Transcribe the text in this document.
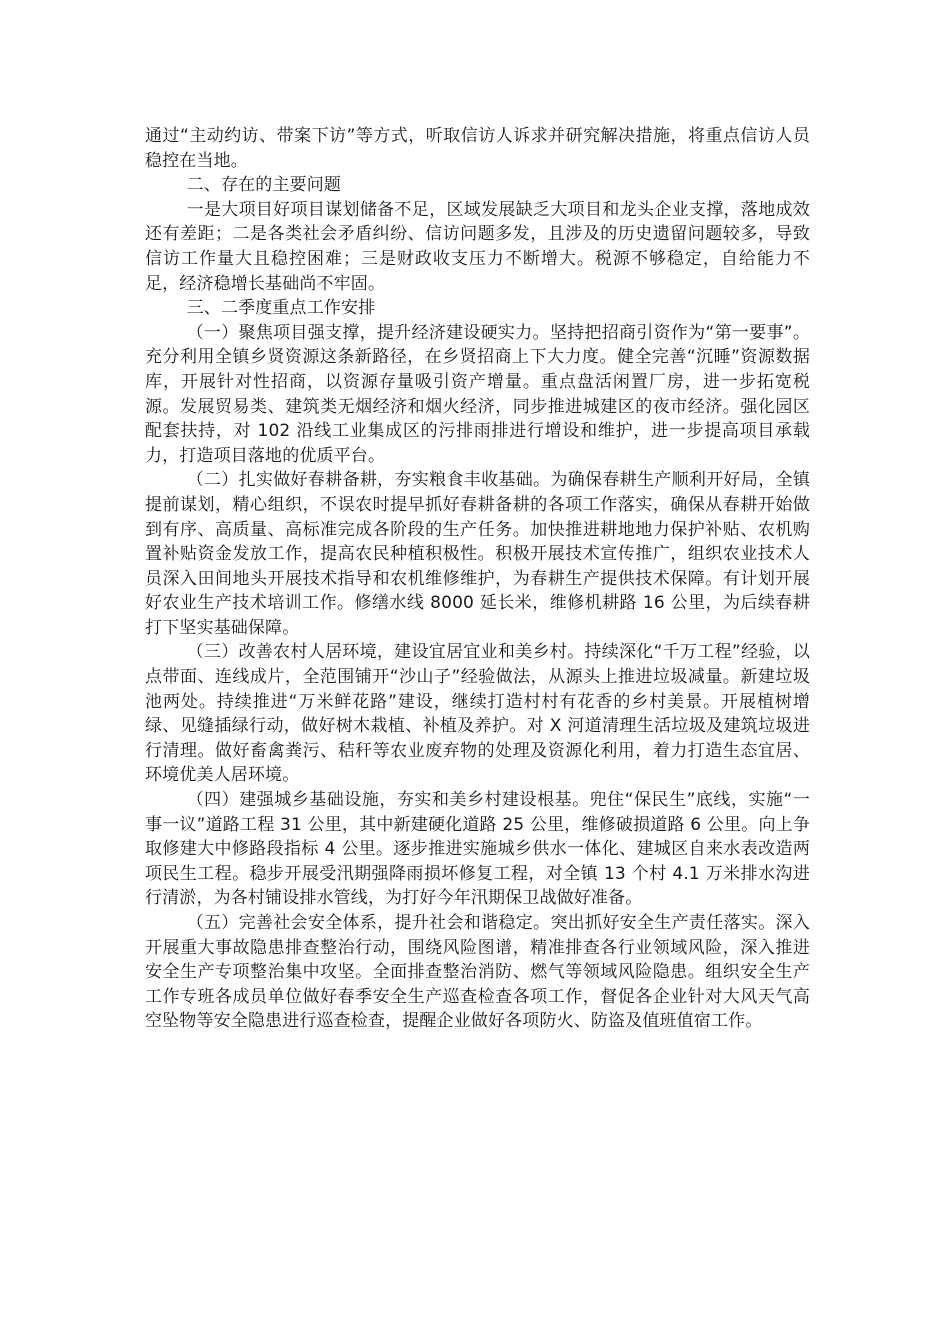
通过“主动约访、带案下访”等方式，听取信访人诉求并研究解决措施，将重点信访人员稳控在当地。

二、存在的主要问题

一是大项目好项目谋划储备不足，区域发展缺乏大项目和龙头企业支撑，落地成效还有差距；二是各类社会矛盾纠纷、信访问题多发，且涉及的历史遗留问题较多，导致信访工作量大且稳控困难；三是财政收支压力不断增大。税源不够稳定，自给能力不足，经济稳增长基础尚不牢固。

三、二季度重点工作安排

（一）聚焦项目强支撑，提升经济建设硬实力。坚持把招商引资作为“第一要事”。充分利用全镇乡贤资源这条新路径，在乡贤招商上下大力度。健全完善“沉睡”资源数据库，开展针对性招商，以资源存量吸引资产增量。重点盘活闲置厂房，进一步拓宽税源。发展贸易类、建筑类无烟经济和烟火经济，同步推进城建区的夜市经济。强化园区配套扶持，对 102 沿线工业集成区的污排雨排进行增设和维护，进一步提高项目承载力，打造项目落地的优质平台。

（二）扎实做好春耕备耕，夯实粮食丰收基础。为确保春耕生产顺利开好局，全镇提前谋划，精心组织，不误农时提早抓好春耕备耕的各项工作落实，确保从春耕开始做到有序、高质量、高标准完成各阶段的生产任务。加快推进耕地地力保护补贴、农机购置补贴资金发放工作，提高农民种植积极性。积极开展技术宣传推广，组织农业技术人员深入田间地头开展技术指导和农机维修维护，为春耕生产提供技术保障。有计划开展好农业生产技术培训工作。修缮水线 8000 延长米，维修机耕路 16 公里，为后续春耕打下坚实基础保障。

（三）改善农村人居环境，建设宜居宜业和美乡村。持续深化“千万工程”经验，以点带面、连线成片，全范围铺开“沙山子”经验做法，从源头上推进垃圾减量。新建垃圾池两处。持续推进“万米鲜花路”建设，继续打造村村有花香的乡村美景。开展植树增绿、见缝插绿行动，做好树木栽植、补植及养护。对 X 河道清理生活垃圾及建筑垃圾进行清理。做好畜禽粪污、秸秆等农业废弃物的处理及资源化利用，着力打造生态宜居、环境优美人居环境。

（四）建强城乡基础设施，夯实和美乡村建设根基。兜住“保民生”底线，实施“一事一议”道路工程 31 公里，其中新建硬化道路 25 公里，维修破损道路 6 公里。向上争取修建大中修路段指标 4 公里。逐步推进实施城乡供水一体化、建城区自来水表改造两项民生工程。稳步开展受汛期强降雨损坏修复工程，对全镇 13 个村 4.1 万米排水沟进行清淤，为各村铺设排水管线，为打好今年汛期保卫战做好准备。

（五）完善社会安全体系，提升社会和谐稳定。突出抓好安全生产责任落实。深入开展重大事故隐患排查整治行动，围绕风险图谱，精准排查各行业领域风险，深入推进安全生产专项整治集中攻坚。全面排查整治消防、燃气等领域风险隐患。组织安全生产工作专班各成员单位做好春季安全生产巡查检查各项工作，督促各企业针对大风天气高空坠物等安全隐患进行巡查检查，提醒企业做好各项防火、防盗及值班值宿工作。
